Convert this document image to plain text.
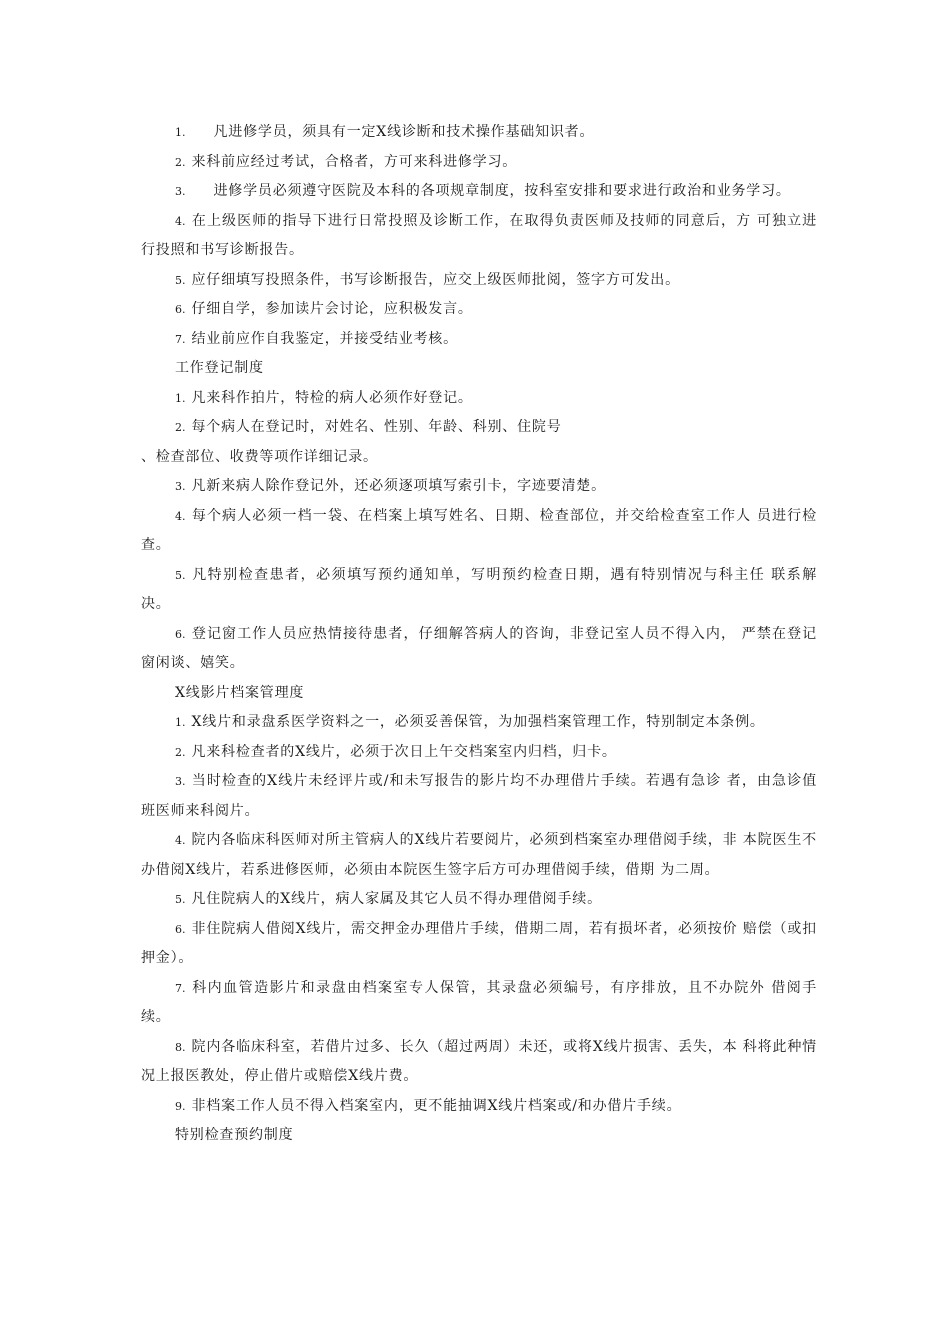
1. 凡进修学员，须具有一定X线诊断和技术操作基础知识者。

2. 来科前应经过考试，合格者，方可来科进修学习。

3. 进修学员必须遵守医院及本科的各项规章制度，按科室安排和要求进行政治和业务学习。

4. 在上级医师的指导下进行日常投照及诊断工作，在取得负责医师及技师的同意后，方 可独立进行投照和书写诊断报告。

5. 应仔细填写投照条件，书写诊断报告，应交上级医师批阅，签字方可发出。

6. 仔细自学，参加读片会讨论，应积极发言。

7. 结业前应作自我鉴定，并接受结业考核。

工作登记制度

1. 凡来科作拍片，特检的病人必须作好登记。

2. 每个病人在登记时，对姓名、性别、年龄、科别、住院号

、检查部位、收费等项作详细记录。

3. 凡新来病人除作登记外，还必须逐项填写索引卡，字迹要清楚。

4. 每个病人必须一档一袋、在档案上填写姓名、日期、检查部位，并交给检查室工作人 员进行检查。

5. 凡特别检查患者，必须填写预约通知单，写明预约检查日期，遇有特别情况与科主任 联系解决。

6. 登记窗工作人员应热情接待患者，仔细解答病人的咨询，非登记室人员不得入内， 严禁在登记窗闲谈、嬉笑。

X线影片档案管理度

1. X线片和录盘系医学资料之一，必须妥善保管，为加强档案管理工作，特别制定本条例。

2. 凡来科检查者的X线片，必须于次日上午交档案室内归档，归卡。

3. 当时检查的X线片未经评片或/和未写报告的影片均不办理借片手续。若遇有急诊 者，由急诊值班医师来科阅片。

4. 院内各临床科医师对所主管病人的X线片若要阅片，必须到档案室办理借阅手续，非 本院医生不办借阅X线片，若系进修医师，必须由本院医生签字后方可办理借阅手续，借期 为二周。

5. 凡住院病人的X线片，病人家属及其它人员不得办理借阅手续。

6. 非住院病人借阅X线片，需交押金办理借片手续，借期二周，若有损坏者，必须按价 赔偿（或扣押金）。

7. 科内血管造影片和录盘由档案室专人保管，其录盘必须编号，有序排放，且不办院外 借阅手续。

8. 院内各临床科室，若借片过多、长久（超过两周）未还，或将X线片损害、丢失，本 科将此种情况上报医教处，停止借片或赔偿X线片费。

9. 非档案工作人员不得入档案室内，更不能抽调X线片档案或/和办借片手续。

特别检查预约制度
